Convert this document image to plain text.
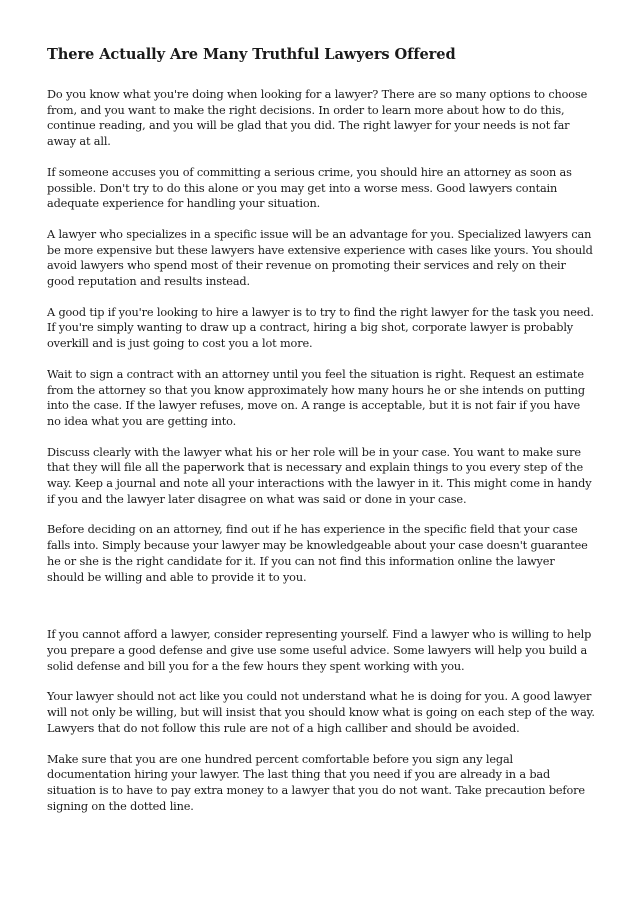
There Actually Are Many Truthful Lawyers Offered

Do you know what you're doing when looking for a lawyer? There are so many options to choose from, and you want to make the right decisions. In order to learn more about how to do this, continue reading, and you will be glad that you did. The right lawyer for your needs is not far away at all.

If someone accuses you of committing a serious crime, you should hire an attorney as soon as possible. Don't try to do this alone or you may get into a worse mess. Good lawyers contain adequate experience for handling your situation.

A lawyer who specializes in a specific issue will be an advantage for you. Specialized lawyers can be more expensive but these lawyers have extensive experience with cases like yours. You should avoid lawyers who spend most of their revenue on promoting their services and rely on their good reputation and results instead.

A good tip if you're looking to hire a lawyer is to try to find the right lawyer for the task you need. If you're simply wanting to draw up a contract, hiring a big shot, corporate lawyer is probably overkill and is just going to cost you a lot more.

Wait to sign a contract with an attorney until you feel the situation is right. Request an estimate from the attorney so that you know approximately how many hours he or she intends on putting into the case. If the lawyer refuses, move on. A range is acceptable, but it is not fair if you have no idea what you are getting into.

Discuss clearly with the lawyer what his or her role will be in your case. You want to make sure that they will file all the paperwork that is necessary and explain things to you every step of the way. Keep a journal and note all your interactions with the lawyer in it. This might come in handy if you and the lawyer later disagree on what was said or done in your case.

Before deciding on an attorney, find out if he has experience in the specific field that your case falls into. Simply because your lawyer may be knowledgeable about your case doesn't guarantee he or she is the right candidate for it. If you can not find this information online the lawyer should be willing and able to provide it to you.

If you cannot afford a lawyer, consider representing yourself. Find a lawyer who is willing to help you prepare a good defense and give use some useful advice. Some lawyers will help you build a solid defense and bill you for a the few hours they spent working with you.

Your lawyer should not act like you could not understand what he is doing for you. A good lawyer will not only be willing, but will insist that you should know what is going on each step of the way. Lawyers that do not follow this rule are not of a high calliber and should be avoided.

Make sure that you are one hundred percent comfortable before you sign any legal documentation hiring your lawyer. The last thing that you need if you are already in a bad situation is to have to pay extra money to a lawyer that you do not want. Take precaution before signing on the dotted line.
